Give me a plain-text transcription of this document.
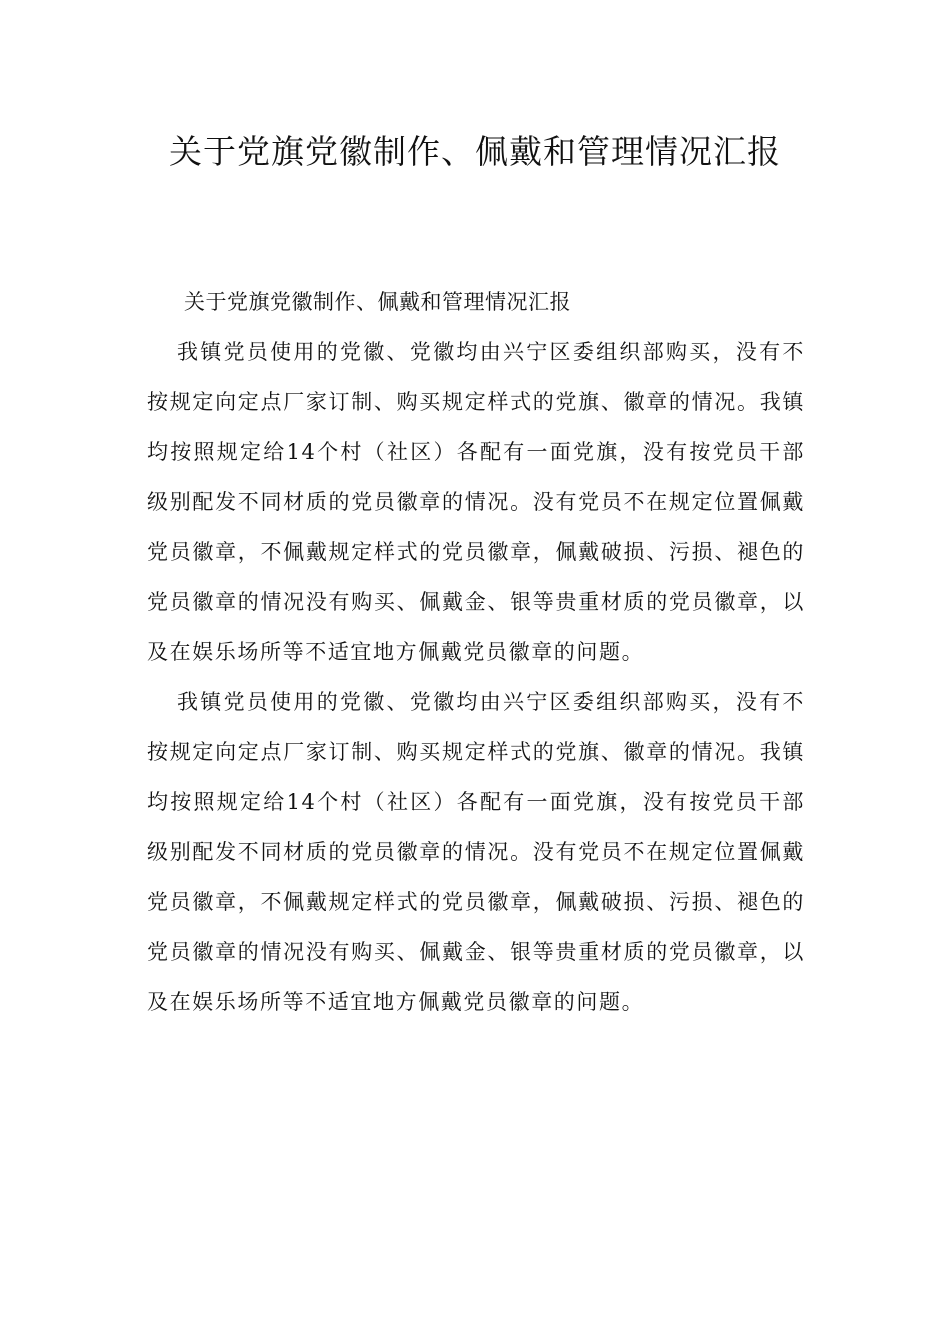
关于党旗党徽制作、佩戴和管理情况汇报

关于党旗党徽制作、佩戴和管理情况汇报

我镇党员使用的党徽、党徽均由兴宁区委组织部购买，没有不按规定向定点厂家订制、购买规定样式的党旗、徽章的情况。我镇均按照规定给14个村（社区）各配有一面党旗，没有按党员干部级别配发不同材质的党员徽章的情况。没有党员不在规定位置佩戴党员徽章，不佩戴规定样式的党员徽章，佩戴破损、污损、褪色的党员徽章的情况没有购买、佩戴金、银等贵重材质的党员徽章，以及在娱乐场所等不适宜地方佩戴党员徽章的问题。

我镇党员使用的党徽、党徽均由兴宁区委组织部购买，没有不按规定向定点厂家订制、购买规定样式的党旗、徽章的情况。我镇均按照规定给14个村（社区）各配有一面党旗，没有按党员干部级别配发不同材质的党员徽章的情况。没有党员不在规定位置佩戴党员徽章，不佩戴规定样式的党员徽章，佩戴破损、污损、褪色的党员徽章的情况没有购买、佩戴金、银等贵重材质的党员徽章，以及在娱乐场所等不适宜地方佩戴党员徽章的问题。
